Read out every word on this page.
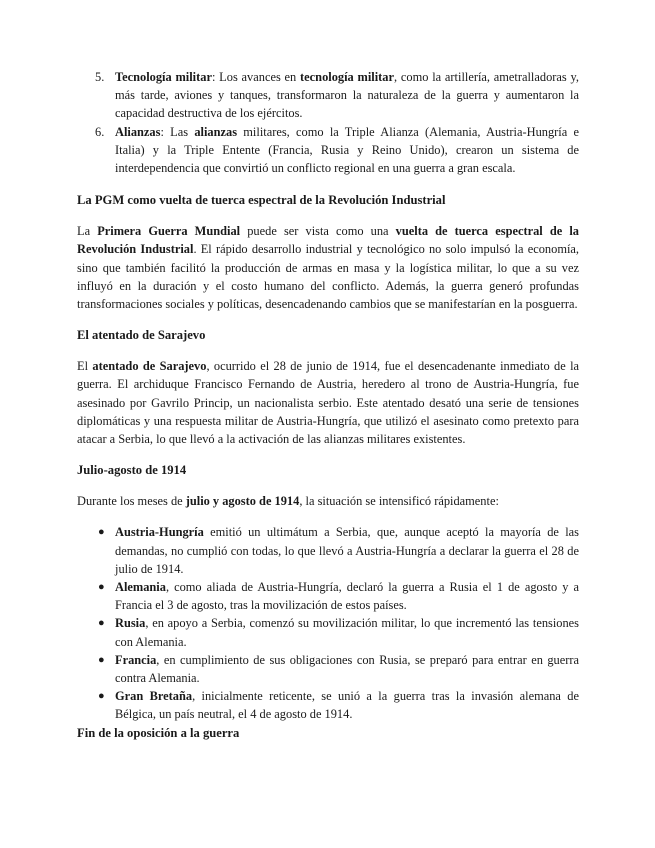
5. Tecnología militar: Los avances en tecnología militar, como la artillería, ametralladoras y, más tarde, aviones y tanques, transformaron la naturaleza de la guerra y aumentaron la capacidad destructiva de los ejércitos.
6. Alianzas: Las alianzas militares, como la Triple Alianza (Alemania, Austria-Hungría e Italia) y la Triple Entente (Francia, Rusia y Reino Unido), crearon un sistema de interdependencia que convirtió un conflicto regional en una guerra a gran escala.
La PGM como vuelta de tuerca espectral de la Revolución Industrial

La Primera Guerra Mundial puede ser vista como una vuelta de tuerca espectral de la Revolución Industrial. El rápido desarrollo industrial y tecnológico no solo impulsó la economía, sino que también facilitó la producción de armas en masa y la logística militar, lo que a su vez influyó en la duración y el costo humano del conflicto. Además, la guerra generó profundas transformaciones sociales y políticas, desencadenando cambios que se manifestarían en la posguerra.

El atentado de Sarajevo

El atentado de Sarajevo, ocurrido el 28 de junio de 1914, fue el desencadenante inmediato de la guerra. El archiduque Francisco Fernando de Austria, heredero al trono de Austria-Hungría, fue asesinado por Gavrilo Princip, un nacionalista serbio. Este atentado desató una serie de tensiones diplomáticas y una respuesta militar de Austria-Hungría, que utilizó el asesinato como pretexto para atacar a Serbia, lo que llevó a la activación de las alianzas militares existentes.

Julio-agosto de 1914

Durante los meses de julio y agosto de 1914, la situación se intensificó rápidamente:

● Austria-Hungría emitió un ultimátum a Serbia, que, aunque aceptó la mayoría de las demandas, no cumplió con todas, lo que llevó a Austria-Hungría a declarar la guerra el 28 de julio de 1914.
● Alemania, como aliada de Austria-Hungría, declaró la guerra a Rusia el 1 de agosto y a Francia el 3 de agosto, tras la movilización de estos países.
● Rusia, en apoyo a Serbia, comenzó su movilización militar, lo que incrementó las tensiones con Alemania.
● Francia, en cumplimiento de sus obligaciones con Rusia, se preparó para entrar en guerra contra Alemania.
● Gran Bretaña, inicialmente reticente, se unió a la guerra tras la invasión alemana de Bélgica, un país neutral, el 4 de agosto de 1914.
Fin de la oposición a la guerra
